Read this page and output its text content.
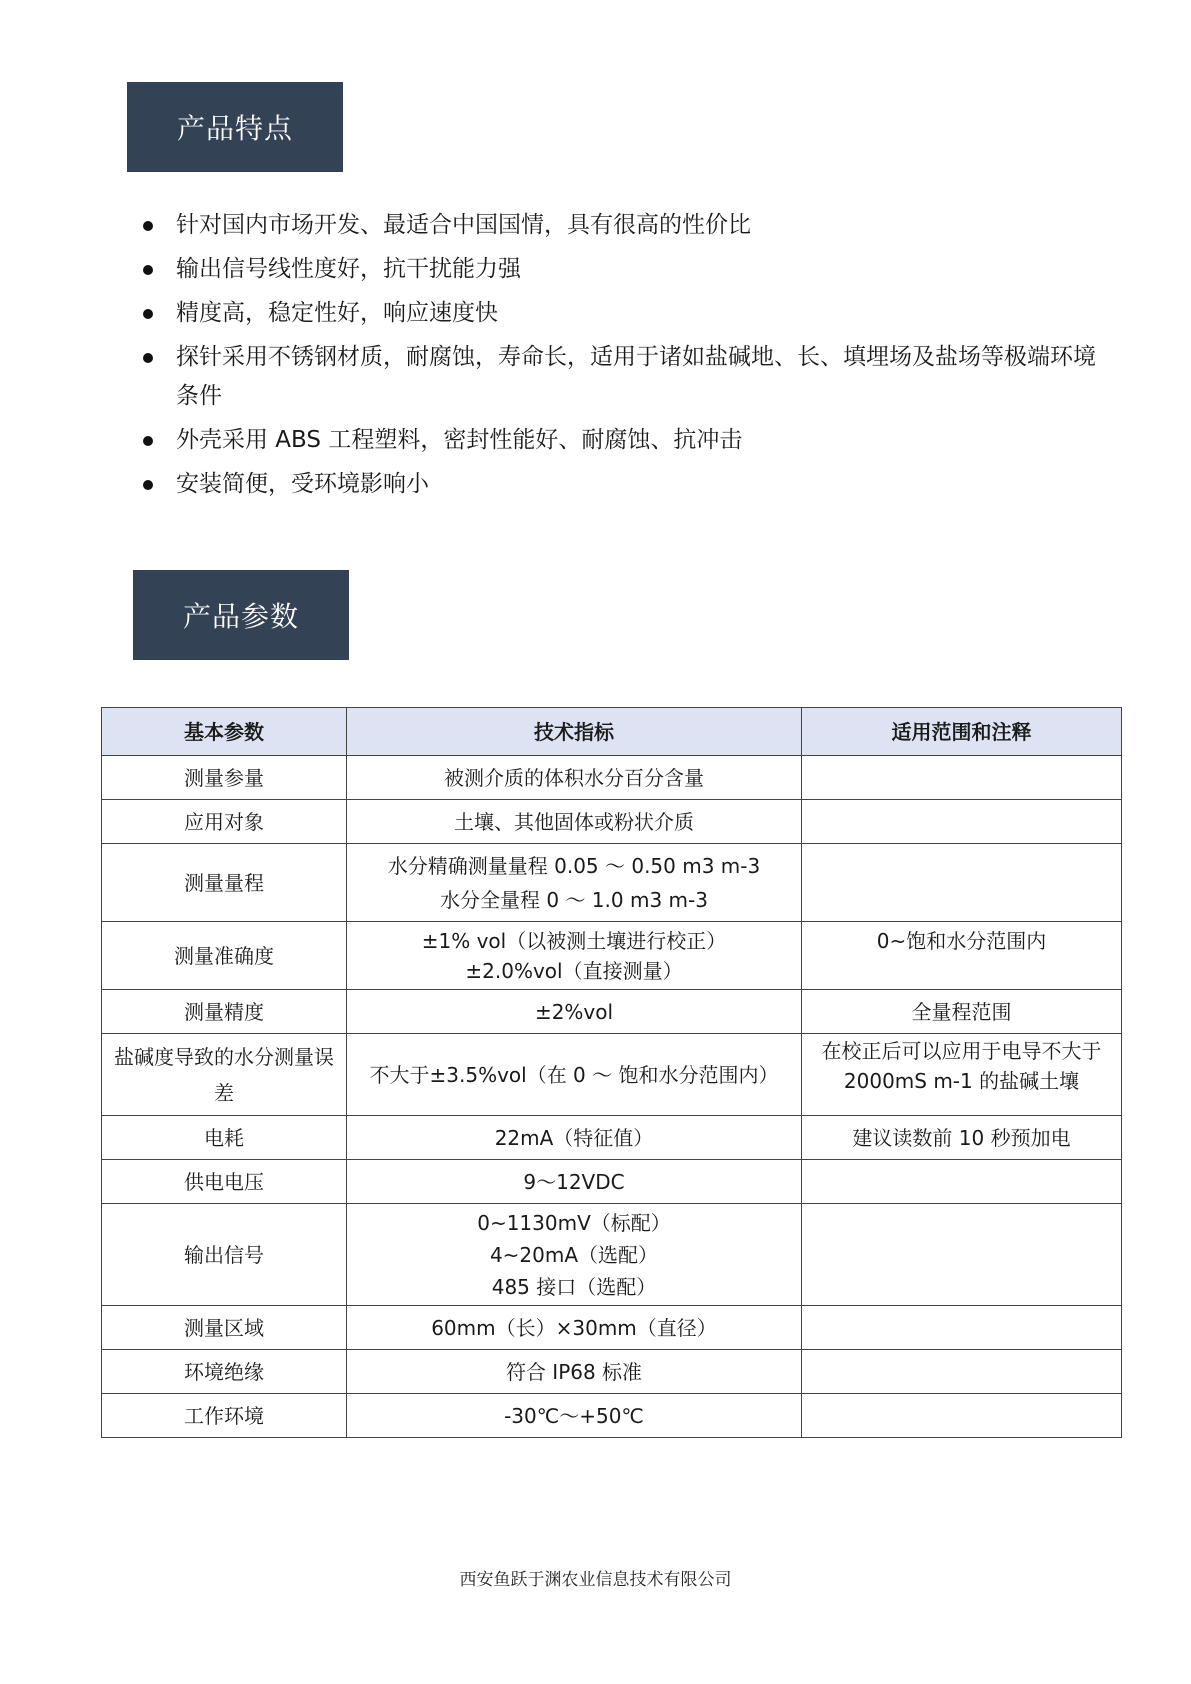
产品特点
针对国内市场开发、最适合中国国情，具有很高的性价比
输出信号线性度好，抗干扰能力强
精度高，稳定性好，响应速度快
探针采用不锈钢材质，耐腐蚀，寿命长，适用于诸如盐碱地、长、填埋场及盐场等极端环境条件
外壳采用 ABS 工程塑料，密封性能好、耐腐蚀、抗冲击
安装简便，受环境影响小
产品参数
基本参数	技术指标	适用范围和注释
测量参量	被测介质的体积水分百分含量	

应用对象	土壤、其他固体或粉状介质	

测量量程	水分精确测量量程 0.05 ～ 0.50 m3 m-3
水分全量程 0 ～ 1.0 m3 m-3	

测量准确度	±1% vol（以被测土壤进行校正）
±2.0%vol（直接测量）	0~饱和水分范围内
测量精度	±2%vol	全量程范围
盐碱度导致的水分测量误差	不大于±3.5%vol（在 0 ～ 饱和水分范围内）	在校正后可以应用于电导不大于 2000mS m-1 的盐碱土壤
电耗	22mA（特征值）	建议读数前 10 秒预加电
供电电压	9～12VDC	

输出信号	0~1130mV（标配）
4~20mA（选配）
485 接口（选配）	

测量区域	60mm（长）×30mm（直径）	

环境绝缘	符合 IP68 标准	

工作环境	-30℃～+50℃	

西安鱼跃于渊农业信息技术有限公司
